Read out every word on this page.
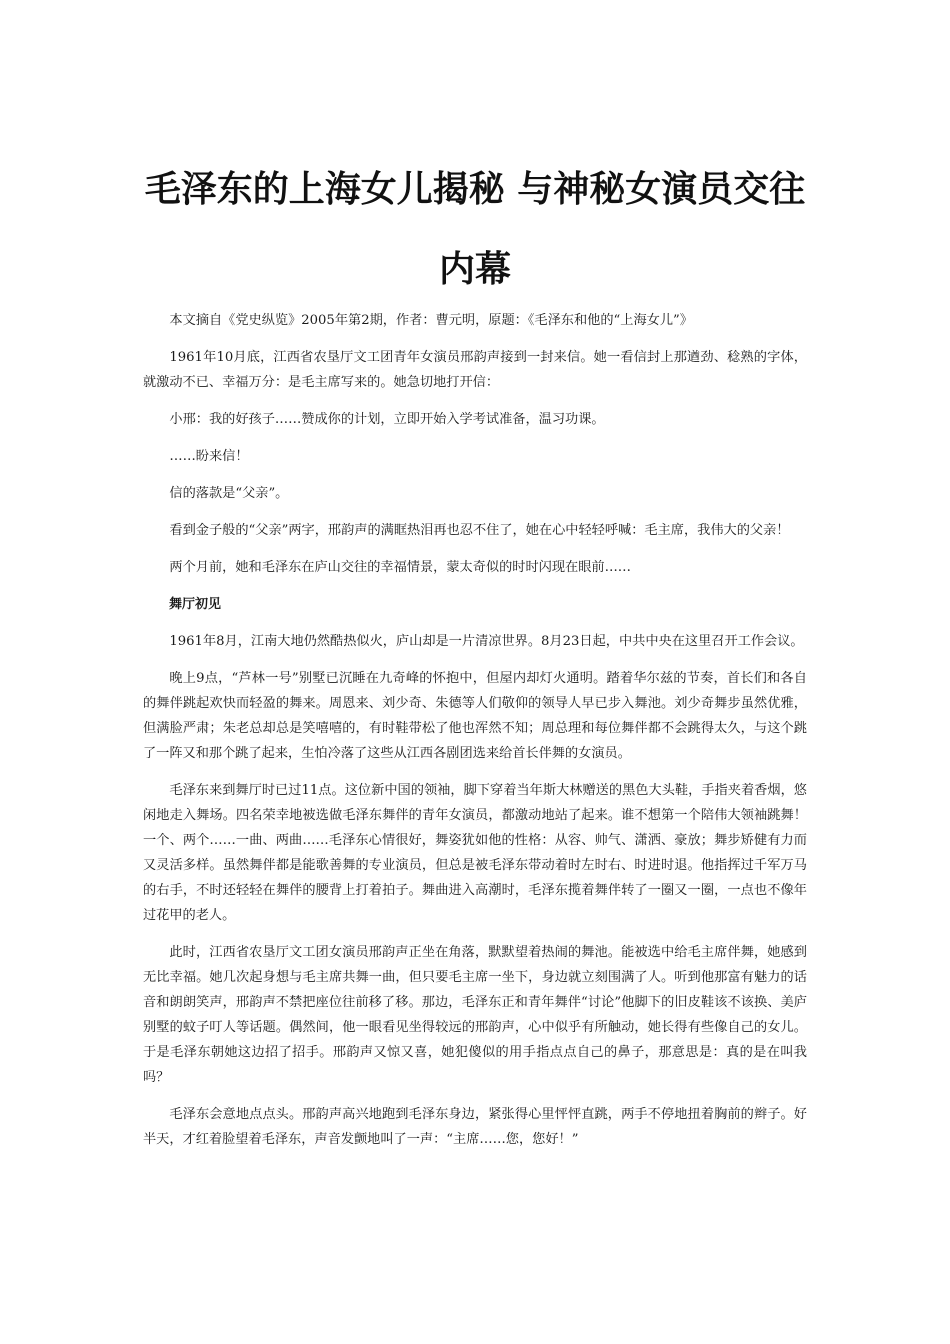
毛泽东的上海女儿揭秘 与神秘女演员交往内幕

本文摘自《党史纵览》2005年第2期，作者：曹元明，原题：《毛泽东和他的“上海女儿”》

1961年10月底，江西省农垦厅文工团青年女演员邢韵声接到一封来信。她一看信封上那遒劲、稔熟的字体，就激动不已、幸福万分：是毛主席写来的。她急切地打开信：

小邢：我的好孩子……赞成你的计划，立即开始入学考试准备，温习功课。

……盼来信！

信的落款是“父亲”。

看到金子般的“父亲”两字，邢韵声的满眶热泪再也忍不住了，她在心中轻轻呼喊：毛主席，我伟大的父亲！

两个月前，她和毛泽东在庐山交往的幸福情景，蒙太奇似的时时闪现在眼前……

舞厅初见

1961年8月，江南大地仍然酷热似火，庐山却是一片清凉世界。8月23日起，中共中央在这里召开工作会议。

晚上9点，“芦林一号”别墅已沉睡在九奇峰的怀抱中，但屋内却灯火通明。踏着华尔兹的节奏，首长们和各自的舞伴跳起欢快而轻盈的舞来。周恩来、刘少奇、朱德等人们敬仰的领导人早已步入舞池。刘少奇舞步虽然优雅，但满脸严肃；朱老总却总是笑嘻嘻的，有时鞋带松了他也浑然不知；周总理和每位舞伴都不会跳得太久，与这个跳了一阵又和那个跳了起来，生怕冷落了这些从江西各剧团选来给首长伴舞的女演员。

毛泽东来到舞厅时已过11点。这位新中国的领袖，脚下穿着当年斯大林赠送的黑色大头鞋，手指夹着香烟，悠闲地走入舞场。四名荣幸地被选做毛泽东舞伴的青年女演员，都激动地站了起来。谁不想第一个陪伟大领袖跳舞！一个、两个……一曲、两曲……毛泽东心情很好，舞姿犹如他的性格：从容、帅气、潇洒、豪放；舞步矫健有力而又灵活多样。虽然舞伴都是能歌善舞的专业演员，但总是被毛泽东带动着时左时右、时进时退。他指挥过千军万马的右手，不时还轻轻在舞伴的腰背上打着拍子。舞曲进入高潮时，毛泽东揽着舞伴转了一圈又一圈，一点也不像年过花甲的老人。

此时，江西省农垦厅文工团女演员邢韵声正坐在角落，默默望着热闹的舞池。能被选中给毛主席伴舞，她感到无比幸福。她几次起身想与毛主席共舞一曲，但只要毛主席一坐下，身边就立刻围满了人。听到他那富有魅力的话音和朗朗笑声，邢韵声不禁把座位往前移了移。那边，毛泽东正和青年舞伴“讨论”他脚下的旧皮鞋该不该换、美庐别墅的蚊子叮人等话题。偶然间，他一眼看见坐得较远的邢韵声，心中似乎有所触动，她长得有些像自己的女儿。于是毛泽东朝她这边招了招手。邢韵声又惊又喜，她犯傻似的用手指点点自己的鼻子，那意思是：真的是在叫我吗？

毛泽东会意地点点头。邢韵声高兴地跑到毛泽东身边，紧张得心里怦怦直跳，两手不停地扭着胸前的辫子。好半天，才红着脸望着毛泽东，声音发颤地叫了一声：“主席……您，您好！”
